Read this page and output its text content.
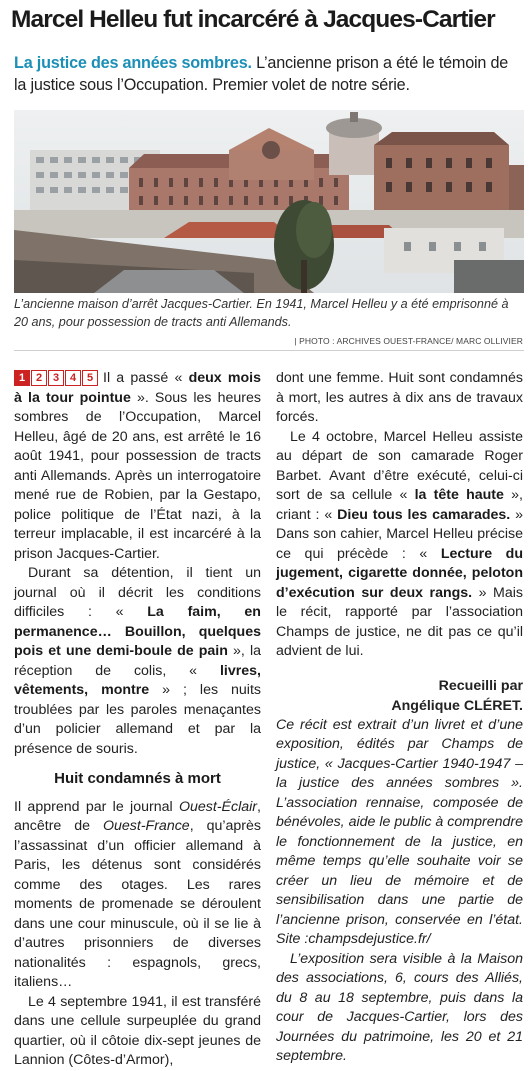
Marcel Helleu fut incarcéré à Jacques-Cartier
La justice des années sombres. L’ancienne prison a été le témoin de la justice sous l’Occupation. Premier volet de notre série.
L’ancienne maison d’arrêt Jacques-Cartier. En 1941, Marcel Helleu y a été emprisonné à 20 ans, pour possession de tracts anti Allemands.
| PHOTO : ARCHIVES OUEST-FRANCE/ MARC OLLIVIER

1 2 3 4 5 Il a passé « deux mois à la tour pointue ». Sous les heures sombres de l’Occupation, Marcel Helleu, âgé de 20 ans, est arrêté le 16 août 1941, pour possession de tracts anti Allemands. Après un interrogatoire mené rue de Robien, par la Gestapo, police politique de l’État nazi, à la terreur implacable, il est incarcéré à la prison Jacques-Cartier.

Durant sa détention, il tient un journal où il décrit les conditions difficiles : « La faim, en permanence… Bouillon, quelques pois et une demi-boule de pain », la réception de colis, « livres, vêtements, montre » ; les nuits troublées par les paroles menaçantes d’un policier allemand et par la présence de souris.

Huit condamnés à mort

Il apprend par le journal Ouest-Éclair, ancêtre de Ouest-France, qu’après l’assassinat d’un officier allemand à Paris, les détenus sont considérés comme des otages. Les rares moments de promenade se déroulent dans une cour minuscule, où il se lie à d’autres prisonniers de diverses nationalités : espagnols, grecs, italiens…

Le 4 septembre 1941, il est transféré dans une cellule surpeuplée du grand quartier, où il côtoie dix-sept jeunes de Lannion (Côtes-d’Armor),

dont une femme. Huit sont condamnés à mort, les autres à dix ans de travaux forcés.

Le 4 octobre, Marcel Helleu assiste au départ de son camarade Roger Barbet. Avant d’être exécuté, celui-ci sort de sa cellule « la tête haute », criant : « Dieu tous les camarades. » Dans son cahier, Marcel Helleu précise ce qui précède : « Lecture du jugement, cigarette donnée, peloton d’exécution sur deux rangs. » Mais le récit, rapporté par l’association Champs de justice, ne dit pas ce qu’il advient de lui.

Recueilli par
Angélique CLÉRET.

Ce récit est extrait d’un livret et d’une exposition, édités par Champs de justice, « Jacques-Cartier 1940-1947 – la justice des années sombres ». L’association rennaise, composée de bénévoles, aide le public à comprendre le fonctionnement de la justice, en même temps qu’elle souhaite voir se créer un lieu de mémoire et de sensibilisation dans une partie de l’ancienne prison, conservée en l’état. Site :champsdejustice.fr/

L’exposition sera visible à la Maison des associations, 6, cours des Alliés, du 8 au 18 septembre, puis dans la cour de Jacques-Cartier, lors des Journées du patrimoine, les 20 et 21 septembre.
